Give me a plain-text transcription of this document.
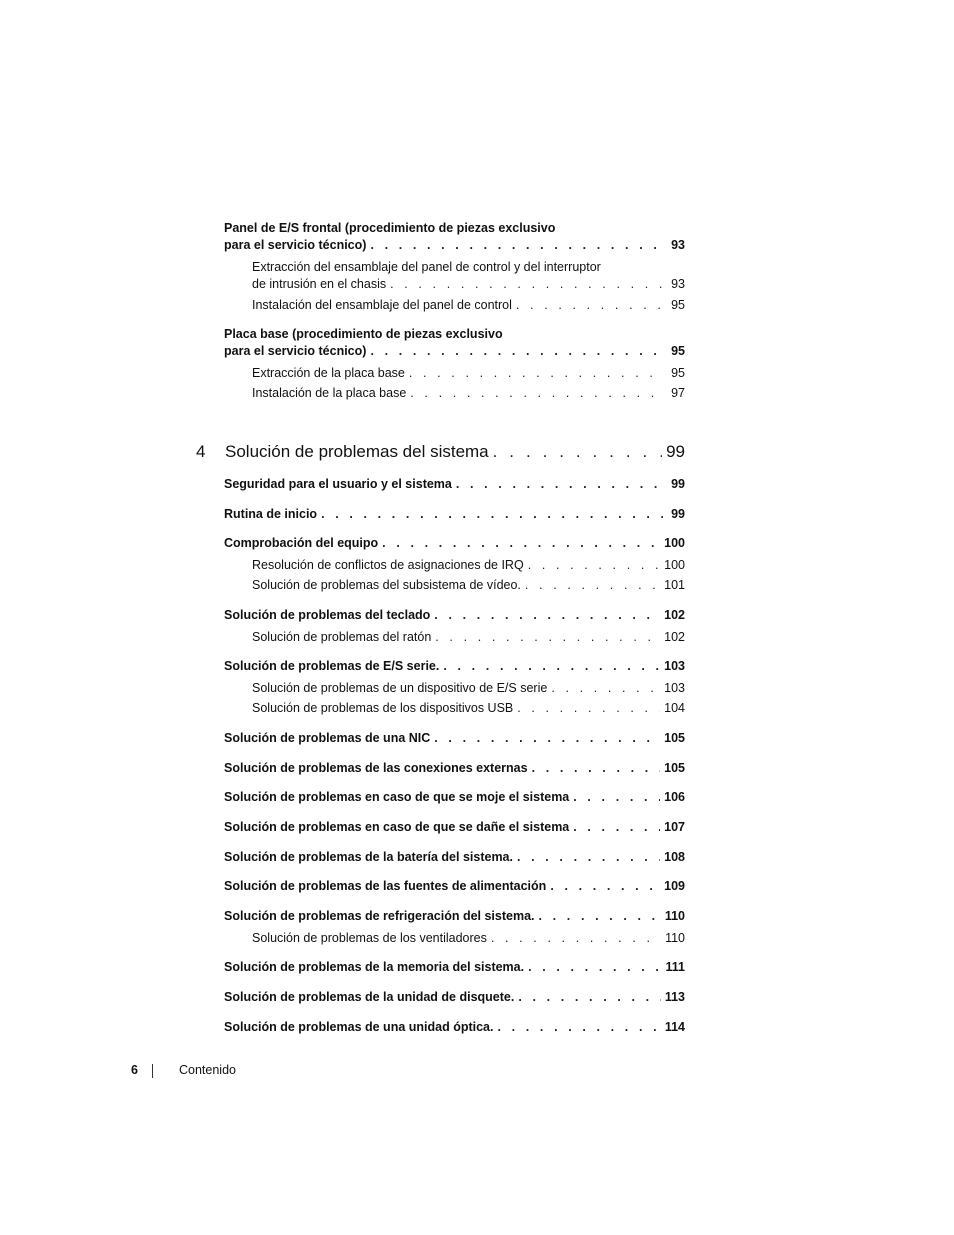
Panel de E/S frontal (procedimiento de piezas exclusivo
para el servicio técnico) . . .	93
Extracción del ensamblaje del panel de control y del interruptor
de intrusión en el chasis . . .	93
Instalación del ensamblaje del panel de control . . .	95
Placa base (procedimiento de piezas exclusivo
para el servicio técnico) . . .	95
Extracción de la placa base . . .	95
Instalación de la placa base . . .	97
4 Solución de problemas del sistema . . .	99
Seguridad para el usuario y el sistema . . .	99
Rutina de inicio . . .	99
Comprobación del equipo . . .	100
Resolución de conflictos de asignaciones de IRQ . . .	100
Solución de problemas del subsistema de vídeo. . . .	101
Solución de problemas del teclado . . .	102
Solución de problemas del ratón . . .	102
Solución de problemas de E/S serie. . . .	103
Solución de problemas de un dispositivo de E/S serie . . .	103
Solución de problemas de los dispositivos USB . . .	104
Solución de problemas de una NIC . . .	105
Solución de problemas de las conexiones externas . . .	105
Solución de problemas en caso de que se moje el sistema . . .	106
Solución de problemas en caso de que se dañe el sistema . . .	107
Solución de problemas de la batería del sistema. . . .	108
Solución de problemas de las fuentes de alimentación . . .	109
Solución de problemas de refrigeración del sistema. . . .	110
Solución de problemas de los ventiladores . . .	110
Solución de problemas de la memoria del sistema. . . .	111
Solución de problemas de la unidad de disquete. . . .	113
Solución de problemas de una unidad óptica. . . .	114
6	Contenido
